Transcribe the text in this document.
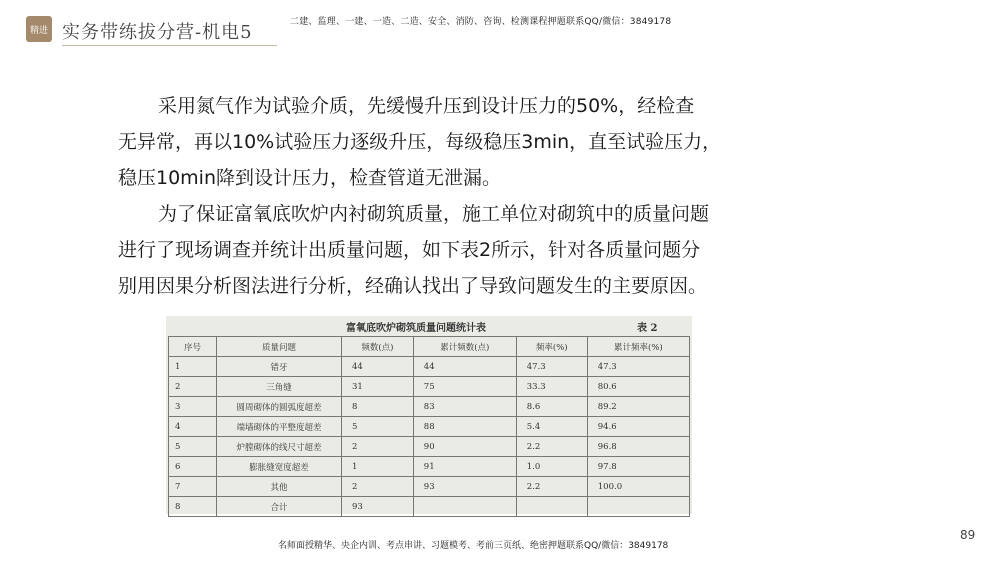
精进 实务带练拔分营-机电5	二建、监理、一建、一造、二造、安全、消防、咨询、检测课程押题联系QQ/微信：3849178
采用氮气作为试验介质，先缓慢升压到设计压力的50%，经检查
无异常，再以10%试验压力逐级升压，每级稳压3min，直至试验压力，
稳压10min降到设计压力，检查管道无泄漏。
为了保证富氧底吹炉内衬砌筑质量，施工单位对砌筑中的质量问题
进行了现场调查并统计出质量问题，如下表2所示，针对各质量问题分
别用因果分析图法进行分析，经确认找出了导致问题发生的主要原因。
富氧底吹炉砌筑质量问题统计表	表 2
序号	质量问题	频数(点)	累计频数(点)	频率(%)	累计频率(%)
1	错牙	44	44	47.3	47.3
2	三角缝	31	75	33.3	80.6
3	圆周砌体的圆弧度超差	8	83	8.6	89.2
4	端墙砌体的平整度超差	5	88	5.4	94.6
5	炉膛砌体的线尺寸超差	2	90	2.2	96.8
6	膨胀缝宽度超差	1	91	1.0	97.8
7	其他	2	93	2.2	100.0
8	合计	93			
89
名师面授精华、央企内训、考点串讲、习题模考、考前三页纸、绝密押题联系QQ/微信：3849178
